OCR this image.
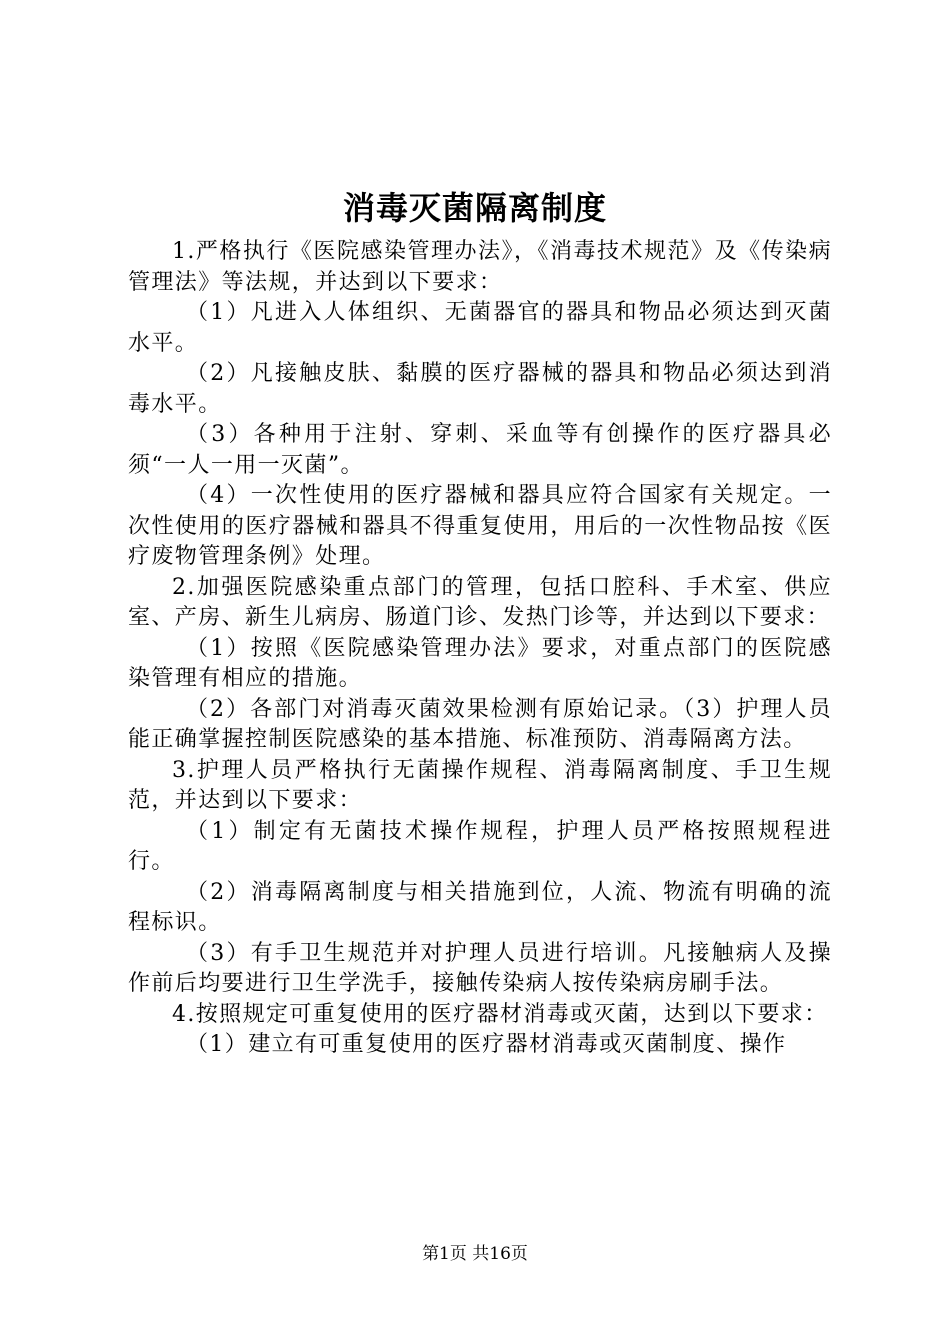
消毒灭菌隔离制度

1.严格执行《医院感染管理办法》，《消毒技术规范》及《传染病管理法》等法规，并达到以下要求：

（1）凡进入人体组织、无菌器官的器具和物品必须达到灭菌水平。

（2）凡接触皮肤、黏膜的医疗器械的器具和物品必须达到消毒水平。

（3）各种用于注射、穿刺、采血等有创操作的医疗器具必须“一人一用一灭菌”。

（4）一次性使用的医疗器械和器具应符合国家有关规定。一次性使用的医疗器械和器具不得重复使用，用后的一次性物品按《医疗废物管理条例》处理。

2.加强医院感染重点部门的管理，包括口腔科、手术室、供应室、产房、新生儿病房、肠道门诊、发热门诊等，并达到以下要求：

（1）按照《医院感染管理办法》要求，对重点部门的医院感染管理有相应的措施。

（2）各部门对消毒灭菌效果检测有原始记录。（3）护理人员能正确掌握控制医院感染的基本措施、标准预防、消毒隔离方法。

3.护理人员严格执行无菌操作规程、消毒隔离制度、手卫生规范，并达到以下要求：

（1）制定有无菌技术操作规程，护理人员严格按照规程进行。

（2）消毒隔离制度与相关措施到位，人流、物流有明确的流程标识。

（3）有手卫生规范并对护理人员进行培训。凡接触病人及操作前后均要进行卫生学洗手，接触传染病人按传染病房刷手法。

4.按照规定可重复使用的医疗器材消毒或灭菌，达到以下要求：

（1）建立有可重复使用的医疗器材消毒或灭菌制度、操作

第1页 共16页
